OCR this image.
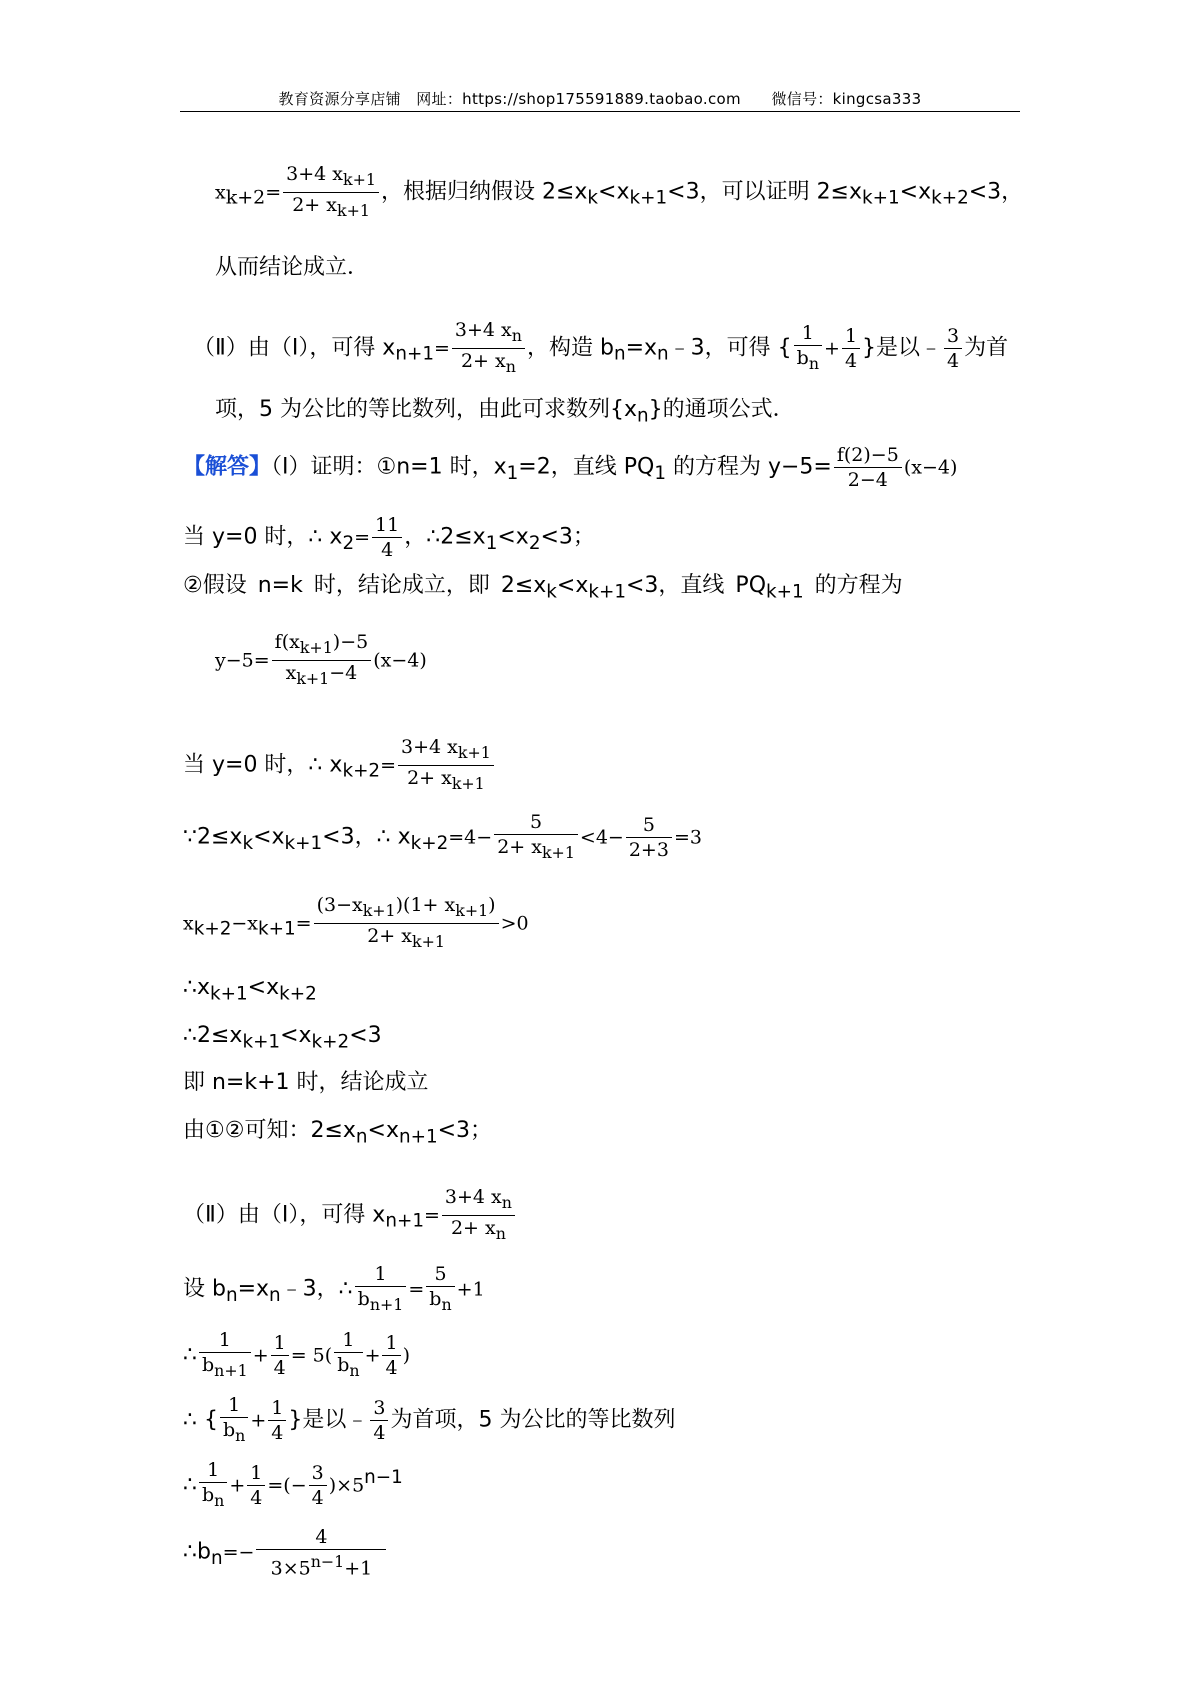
教育资源分享店铺　网址：https://shop175591889.taobao.com　　微信号：kingcsa333
$x_{k+2}= \frac{3+4 x_{k+1}}{2+ x_{k+1}}$ ，根据归纳假设 $2\le x_k<x_{k+1}<3$，可以证明 $2\le x_{k+1}<x_{k+2}<3$，
从而结论成立．
（Ⅱ）由（Ⅰ），可得 $x_{n+1}= \frac{3+4 x_n}{2+ x_n}$ ，构造 $b_n=x_n﹣3$，可得 { $\frac{1}{b_n} + \frac{1}{4}$ }是以﹣ $\frac{3}{4}$ 为首
项，5 为公比的等比数列，由此可求数列$\{x_n\}$的通项公式．
【解答】（Ⅰ）证明：①n=1 时，$x_1=2$，直线 $PQ_1$ 的方程为 $y-5= \frac{f(2)-5}{2-4} (x-4)$
当 y=0 时，∴ $x_2= \frac{11}{4}$ ，$\therefore 2\le x_1<x_2<3$；
②假设 n=k 时，结论成立，即 $2\le x_k<x_{k+1}<3$，直线 $PQ_{k+1}$ 的方程为
$y-5= \frac{f(x_{k+1})-5}{x_{k+1}-4} (x-4)$
当 y=0 时，∴ $x_{k+2}= \frac{3+4 x_{k+1}}{2+ x_{k+1}}$
$\because 2\le x_k<x_{k+1}<3$，∴ $x_{k+2}=4- \frac{5}{2+ x_{k+1}} <4- \frac{5}{2+3} =3$
$x_{k+2}-x_{k+1}= \frac{(3-x_{k+1})(1+ x_{k+1})}{2+ x_{k+1}} >0$
$\therefore x_{k+1}<x_{k+2}$
$\therefore 2\le x_{k+1}<x_{k+2}<3$
即 n=k+1 时，结论成立
由①②可知：$2\le x_n<x_{n+1}<3$；
（Ⅱ）由（Ⅰ），可得 $x_{n+1}= \frac{3+4 x_n}{2+ x_n}$
设 $b_n=x_n﹣3$，∴ $\frac{1}{b_{n+1}} = \frac{5}{b_n} +1$
∴ $\frac{1}{b_{n+1}} + \frac{1}{4} = 5( \frac{1}{b_n} + \frac{1}{4}$ )
∴ { $\frac{1}{b_n} + \frac{1}{4}$ }是以﹣ $\frac{3}{4}$ 为首项，5 为公比的等比数列
∴ $\frac{1}{b_n} + \frac{1}{4}$ =(− $\frac{3}{4} )\times 5^{n-1}$
$\therefore b_n=- \frac{4}{3\times 5^{n-1}+1}$
